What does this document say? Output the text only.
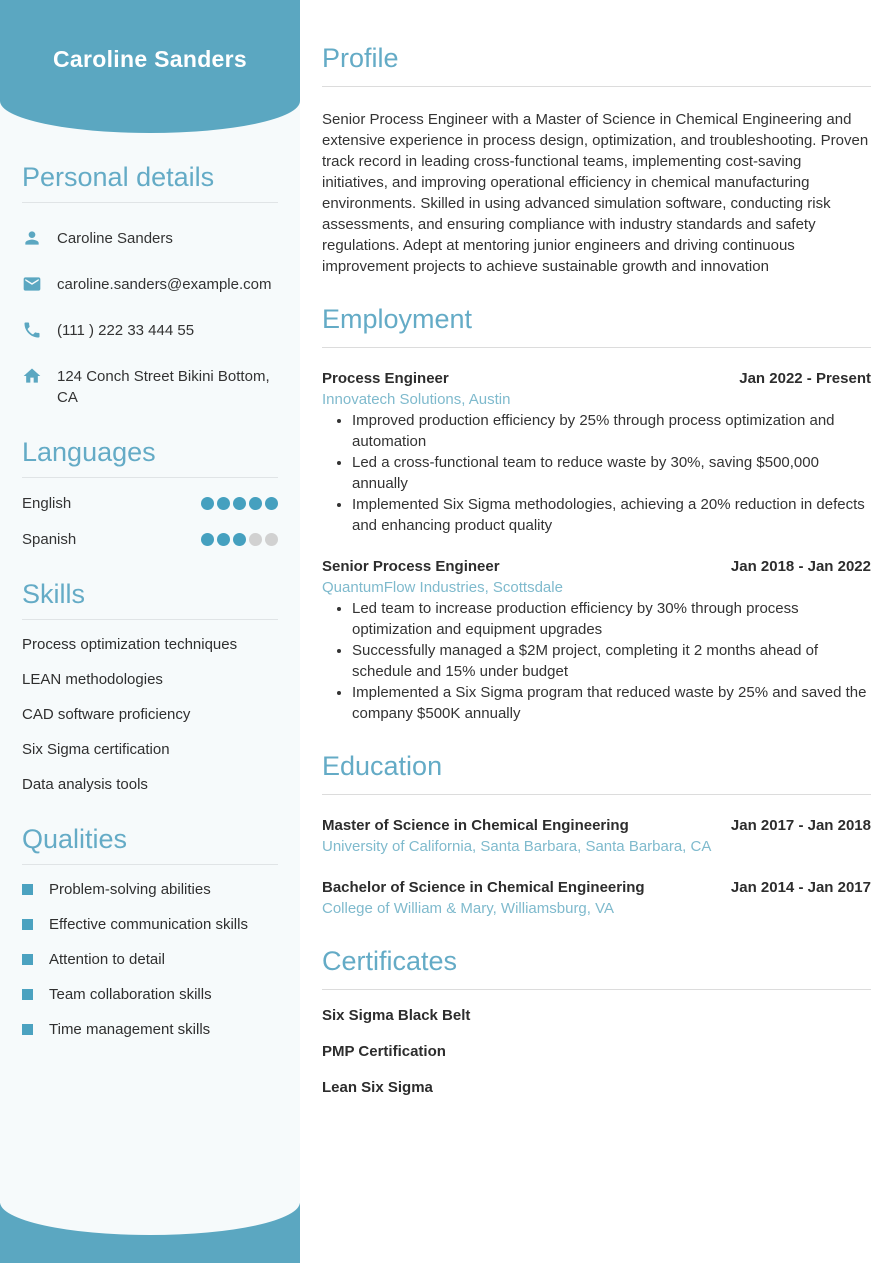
Caroline Sanders
Personal details
Caroline Sanders
caroline.sanders@example.com
(111 ) 222 33 444 55
124 Conch Street Bikini Bottom, CA
Languages
English
Spanish
Skills
Process optimization techniques
LEAN methodologies
CAD software proficiency
Six Sigma certification
Data analysis tools
Qualities
Problem-solving abilities
Effective communication skills
Attention to detail
Team collaboration skills
Time management skills
Profile

Senior Process Engineer with a Master of Science in Chemical Engineering and extensive experience in process design, optimization, and troubleshooting. Proven track record in leading cross-functional teams, implementing cost-saving initiatives, and improving operational efficiency in chemical manufacturing environments. Skilled in using advanced simulation software, conducting risk assessments, and ensuring compliance with industry standards and safety regulations. Adept at mentoring junior engineers and driving continuous improvement projects to achieve sustainable growth and innovation

Employment
Process Engineer	Jan 2022 - Present
Innovatech Solutions, Austin
• Improved production efficiency by 25% through process optimization and automation
• Led a cross-functional team to reduce waste by 30%, saving $500,000 annually
• Implemented Six Sigma methodologies, achieving a 20% reduction in defects and enhancing product quality
Senior Process Engineer	Jan 2018 - Jan 2022
QuantumFlow Industries, Scottsdale
• Led team to increase production efficiency by 30% through process optimization and equipment upgrades
• Successfully managed a $2M project, completing it 2 months ahead of schedule and 15% under budget
• Implemented a Six Sigma program that reduced waste by 25% and saved the company $500K annually
Education
Master of Science in Chemical Engineering	Jan 2017 - Jan 2018
University of California, Santa Barbara, Santa Barbara, CA
Bachelor of Science in Chemical Engineering	Jan 2014 - Jan 2017
College of William & Mary, Williamsburg, VA
Certificates
Six Sigma Black Belt
PMP Certification
Lean Six Sigma
